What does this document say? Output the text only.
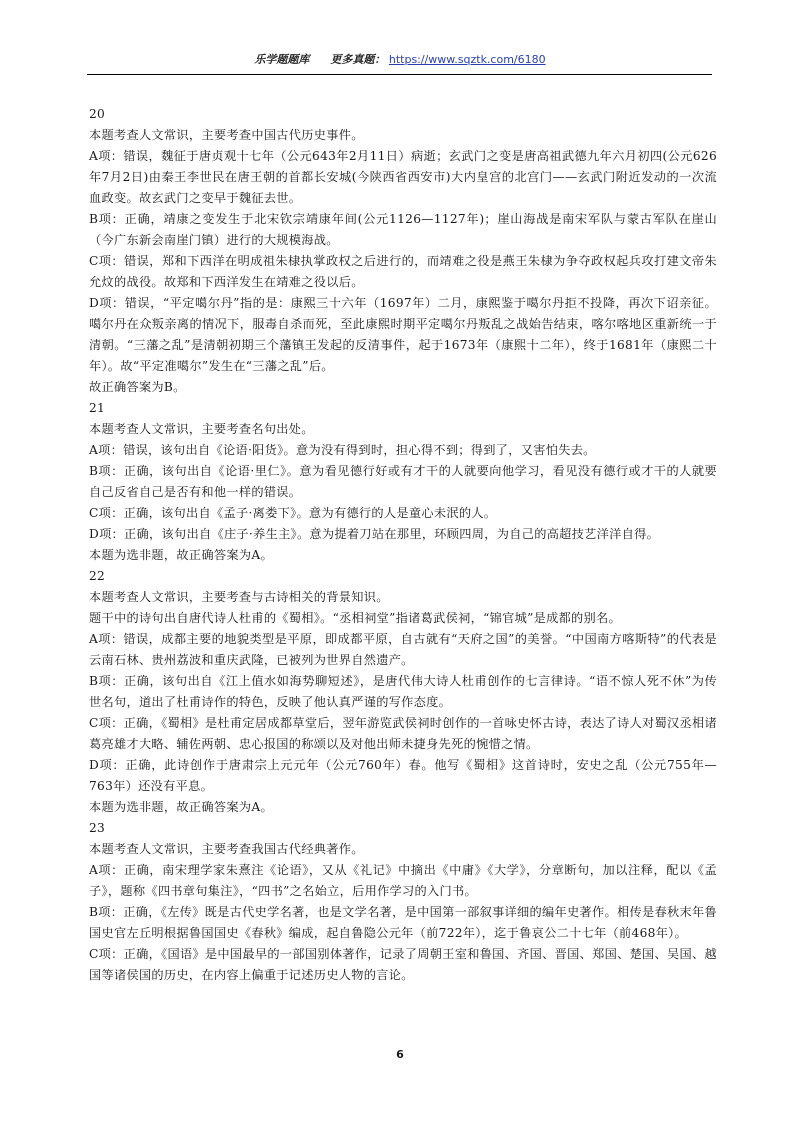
乐学题题库 更多真题： https://www.sqztk.com/6180

20

本题考查人文常识，主要考查中国古代历史事件。

A项：错误，魏征于唐贞观十七年（公元643年2月11日）病逝；玄武门之变是唐高祖武德九年六月初四(公元626年7月2日)由秦王李世民在唐王朝的首都长安城(今陕西省西安市)大内皇宫的北宫门——玄武门附近发动的一次流血政变。故玄武门之变早于魏征去世。

B项：正确，靖康之变发生于北宋钦宗靖康年间(公元1126—1127年)；崖山海战是南宋军队与蒙古军队在崖山（今广东新会南崖门镇）进行的大规模海战。

C项：错误，郑和下西洋在明成祖朱棣执掌政权之后进行的，而靖难之役是燕王朱棣为争夺政权起兵攻打建文帝朱允炆的战役。故郑和下西洋发生在靖难之役以后。

D项：错误，“平定噶尔丹”指的是：康熙三十六年（1697年）二月，康熙鉴于噶尔丹拒不投降，再次下诏亲征。噶尔丹在众叛亲离的情况下，服毒自杀而死，至此康熙时期平定噶尔丹叛乱之战始告结束，喀尔喀地区重新统一于清朝。“三藩之乱”是清朝初期三个藩镇王发起的反清事件，起于1673年（康熙十二年），终于1681年（康熙二十年）。故“平定准噶尔”发生在“三藩之乱”后。

故正确答案为B。

21

本题考查人文常识，主要考查名句出处。

A项：错误，该句出自《论语·阳货》。意为没有得到时，担心得不到；得到了，又害怕失去。

B项：正确，该句出自《论语·里仁》。意为看见德行好或有才干的人就要向他学习，看见没有德行或才干的人就要自己反省自己是否有和他一样的错误。

C项：正确，该句出自《孟子·离娄下》。意为有德行的人是童心未泯的人。

D项：正确，该句出自《庄子·养生主》。意为提着刀站在那里，环顾四周，为自己的高超技艺洋洋自得。

本题为选非题，故正确答案为A。

22

本题考查人文常识，主要考查与古诗相关的背景知识。

题干中的诗句出自唐代诗人杜甫的《蜀相》。“丞相祠堂”指诸葛武侯祠，“锦官城”是成都的别名。

A项：错误，成都主要的地貌类型是平原，即成都平原，自古就有“天府之国”的美誉。“中国南方喀斯特”的代表是云南石林、贵州荔波和重庆武隆，已被列为世界自然遗产。

B项：正确，该句出自《江上值水如海势聊短述》，是唐代伟大诗人杜甫创作的七言律诗。“语不惊人死不休”为传世名句，道出了杜甫诗作的特色，反映了他认真严谨的写作态度。

C项：正确，《蜀相》是杜甫定居成都草堂后，翌年游览武侯祠时创作的一首咏史怀古诗，表达了诗人对蜀汉丞相诸葛亮雄才大略、辅佐两朝、忠心报国的称颂以及对他出师未捷身先死的惋惜之情。

D项：正确，此诗创作于唐肃宗上元元年（公元760年）春。他写《蜀相》这首诗时，安史之乱（公元755年—763年）还没有平息。

本题为选非题，故正确答案为A。

23

本题考查人文常识，主要考查我国古代经典著作。

A项：正确，南宋理学家朱熹注《论语》，又从《礼记》中摘出《中庸》《大学》，分章断句，加以注释，配以《孟子》，题称《四书章句集注》，“四书”之名始立，后用作学习的入门书。

B项：正确，《左传》既是古代史学名著，也是文学名著，是中国第一部叙事详细的编年史著作。相传是春秋末年鲁国史官左丘明根据鲁国国史《春秋》编成，起自鲁隐公元年（前722年），迄于鲁哀公二十七年（前468年）。

C项：正确，《国语》是中国最早的一部国别体著作，记录了周朝王室和鲁国、齐国、晋国、郑国、楚国、吴国、越国等诸侯国的历史，在内容上偏重于记述历史人物的言论。

6
